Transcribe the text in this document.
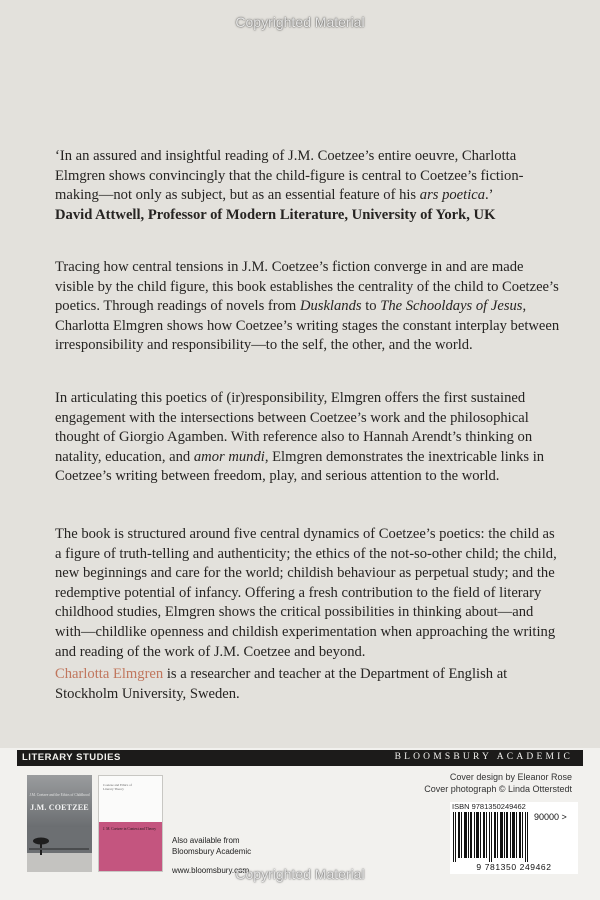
Copyrighted Material
‘In an assured and insightful reading of J.M. Coetzee’s entire oeuvre, Charlotta Elmgren shows convincingly that the child-figure is central to Coetzee’s fiction-making—not only as subject, but as an essential feature of his ars poetica.’
David Attwell, Professor of Modern Literature, University of York, UK
Tracing how central tensions in J.M. Coetzee’s fiction converge in and are made visible by the child figure, this book establishes the centrality of the child to Coetzee’s poetics. Through readings of novels from Dusklands to The Schooldays of Jesus, Charlotta Elmgren shows how Coetzee’s writing stages the constant interplay between irresponsibility and responsibility—to the self, the other, and the world.
In articulating this poetics of (ir)responsibility, Elmgren offers the first sustained engagement with the intersections between Coetzee’s work and the philosophical thought of Giorgio Agamben. With reference also to Hannah Arendt’s thinking on natality, education, and amor mundi, Elmgren demonstrates the inextricable links in Coetzee’s writing between freedom, play, and serious attention to the world.
The book is structured around five central dynamics of Coetzee’s poetics: the child as a figure of truth-telling and authenticity; the ethics of the not-so-other child; the child, new beginnings and care for the world; childish behaviour as perpetual study; and the redemptive potential of infancy. Offering a fresh contribution to the field of literary childhood studies, Elmgren shows the critical possibilities in thinking about—and with—childlike openness and childish experimentation when approaching the writing and reading of the work of J.M. Coetzee and beyond.
Charlotta Elmgren is a researcher and teacher at the Department of English at Stockholm University, Sweden.
LITERARY STUDIES	BLOOMSBURY ACADEMIC
Cover design by Eleanor Rose
Cover photograph © Linda Otterstedt
J.M. Coetzee and the Ethics of Childhood
J.M. COETZEE
Coetzee and Ethics of Literary Theory
J. M. Coetzee in Context and Theory
Also available from
Bloomsbury Academic
www.bloomsbury.com
ISBN 9781350249462
90000 >
9 781350 249462
Copyrighted Material
